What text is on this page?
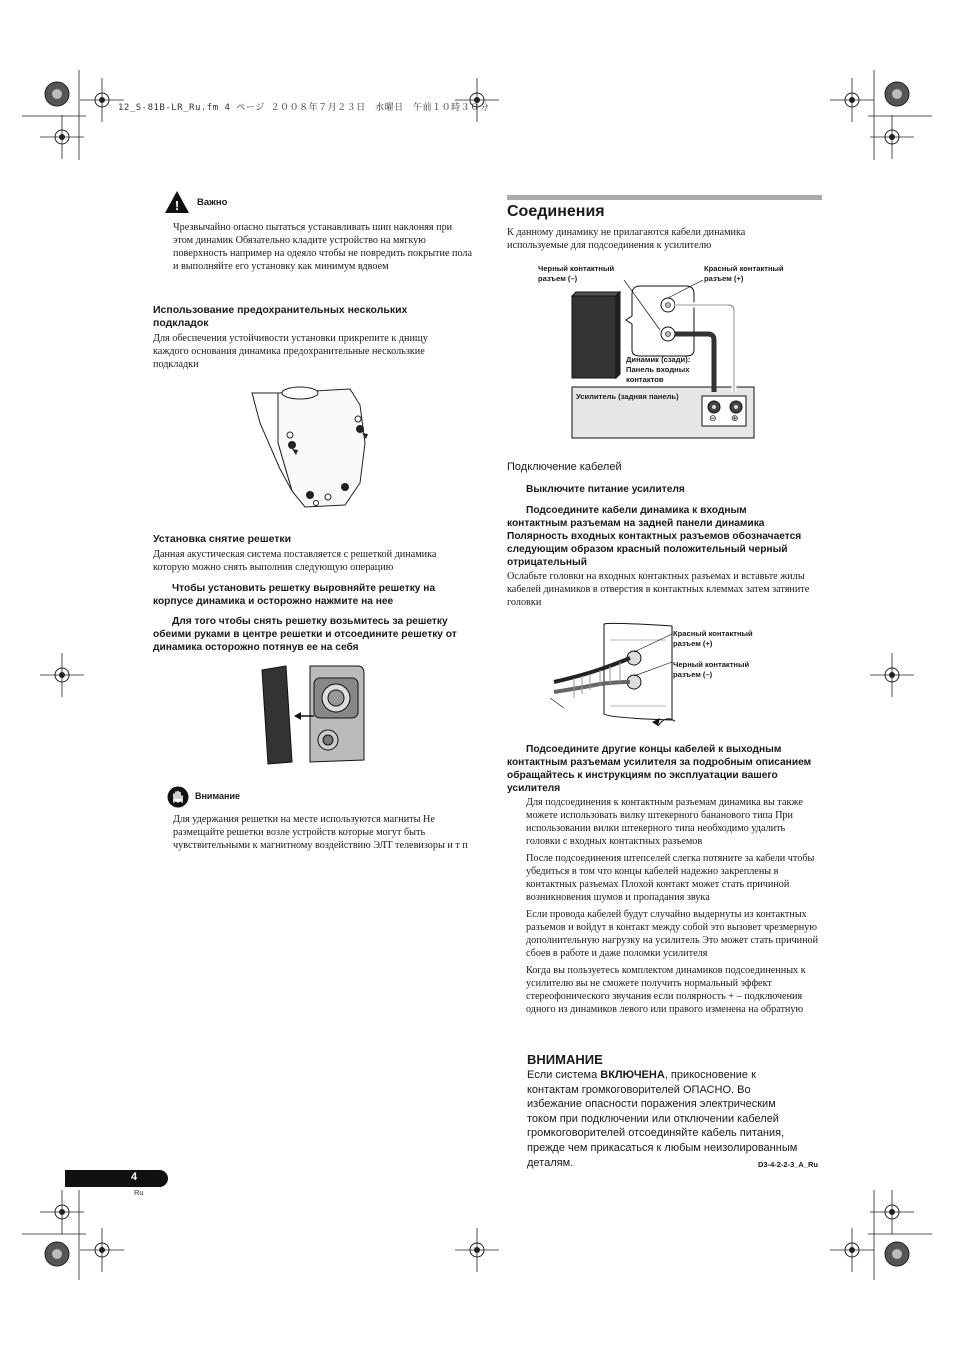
12_S-81B-LR_Ru.fm 4 ページ ２００８年７月２３日　水曜日　午前１０時３０分
! Важно
Чрезвычайно опасно пытаться устанавливать шип наклоняя при этом динамик Обязательно кладите устройство на мягкую поверхность например на одеяло чтобы не повредить покрытие пола и выполняйте его установку как минимум вдвоем
Использование предохранительных нескольких подкладок
Для обеспечения устойчивости установки прикрепите к днищу каждого основания динамика предохранительные нескользкие подкладки
Установка снятие решетки
Данная акустическая система поставляется с решеткой динамика которую можно снять выполнив следующую операцию
Чтобы установить решетку выровняйте решетку на корпусе динамика и осторожно нажмите на нее
Для того чтобы снять решетку возьмитесь за решетку обеими руками в центре решетки и отсоедините решетку от динамика осторожно потянув ее на себя
Внимание
Для удержания решетки на месте используются магниты Не размещайте решетки возле устройств которые могут быть чувствительными к магнитному воздействию ЭЛТ телевизоры и т п
Соединения
К данному динамику не прилагаются кабели динамика используемые для подсоединения к усилителю
Черный контактный разъем (–)
Красный контактный разъем (+)
Динамик (сзади): Панель входных контактов
Усилитель (задняя панель)
⊖ ⊕
Подключение кабелей
Выключите питание усилителя
Подсоедините кабели динамика к входным контактным разъемам на задней панели динамика Полярность входных контактных разъемов обозначается следующим образом красный положительный черный отрицательный
Ослабьте головки на входных контактных разъемах и вставьте жилы кабелей динамиков в отверстия в контактных клеммах затем затяните головки
Красный контактный разъем (+)
Черный контактный разъем (–)
Подсоедините другие концы кабелей к выходным контактным разъемам усилителя за подробным описанием обращайтесь к инструкциям по эксплуатации вашего усилителя

Для подсоединения к контактным разъемам динамика вы также можете использовать вилку штекерного бананового типа При использовании вилки штекерного типа необходимо удалить головки с входных контактных разъемов

После подсоединения штепселей слегка потяните за кабели чтобы убедиться в том что концы кабелей надежно закреплены в контактных разъемах Плохой контакт может стать причиной возникновения шумов и пропадания звука

Если провода кабелей будут случайно выдернуты из контактных разъемов и войдут в контакт между собой это вызовет чрезмерную дополнительную нагрузку на усилитель Это может стать причиной сбоев в работе и даже поломки усилителя

Когда вы пользуетесь комплектом динамиков подсоединенных к усилителю вы не сможете получить нормальный эффект стереофонического звучания если полярность + – подключения одного из динамиков левого или правого изменена на обратную

ВНИМАНИЕ
Если система ВКЛЮЧЕНА, прикосновение к контактам громкоговорителей ОПАСНО. Во избежание опасности поражения электрическим током при подключении или отключении кабелей громкоговорителей отсоединяйте кабель питания, прежде чем прикасаться к любым неизолированным деталям.	D3-4-2-2-3_A_Ru
4
Ru
